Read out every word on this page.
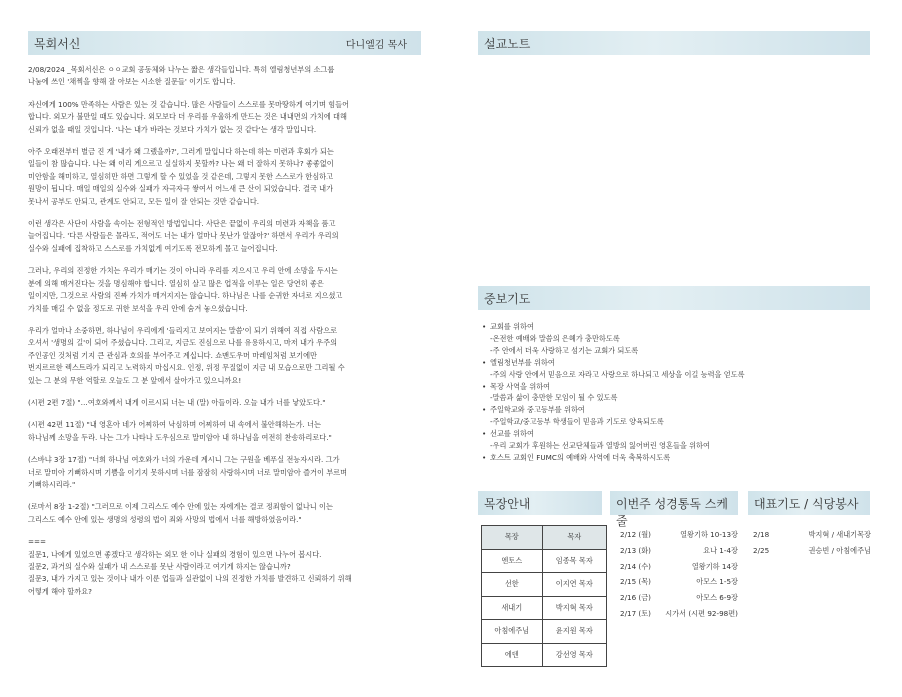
목회서신	다니엘김 목사

2/08/2024 _목회서신은 ㅇㅇ교회 공동체와 나누는 짧은 생각들입니다. 특히 엘림청년부의 소그룹
나눔에 쓰인 '채찍을 향해 잘 아보는 시소한 질문들' 이기도 합니다.

자신에게 100% 만족하는 사람은 있는 것 같습니다. 많은 사람들이 스스로를 못마땅하게 여기며 힘들어
합니다. 외모가 불만일 때도 있습니다. 외모보다 더 우리를 우울하게 만드는 것은 내내면의 가치에 대해
신뢰가 없을 때일 것입니다. '나는 내가 바라는 것보다 가치가 없는 것 같다'는 생각 말입니다.

아주 오래전부터 별금 진 게 '내가 왜 그랬을까?', 그러게 말입니다 하는데 하는 미련과 후회가 되는
일들이 참 많습니다. 나는 왜 이리 게으르고 실실하지 못할까? 나는 왜 더 잘하지 못하나? 좋좋없이
미안함을 해미하고, 열심히만 하면 그렇게 할 수 있었을 것 같은데, 그렇지 못한 스스로가 한심하고
원망이 됩니다. 매일 매일의 실수와 실패가 자극자극 쌓여서 어느새 큰 산이 되었습니다. 결국 내가
못나서 공부도 안되고, 관계도 안되고, 모든 일이 잘 안되는 것만 같습니다.

이런 생각은 사단이 사람을 속이는 전형적인 방법입니다. 사단은 끝없이 우리의 미련과 자책을 품고
늘어집니다. '다른 사람들은 몰라도, 적어도 너는 내가 얼마나 못난가 알잖아?' 하면서 우리가 우리의
실수와 실패에 집착하고 스스로를 가치없게 여기도록 전모하게 몰고 늘어집니다.

그러나, 우리의 진정한 가치는 우리가 매기는 것이 아니라 우리를 지으시고 우리 안에 소망을 두시는
분에 의해 매겨진다는 것을 명심해야 합니다. 열심히 살고 많은 업적을 이루는 일은 당연히 좋은
일이지만, 그것으로 사람의 진짜 가치가 매겨지지는 않습니다. 하나님은 나를 순귀한 자녀로 지으셨고
가치를 매길 수 없을 정도로 귀한 보석을 우리 안에 숨겨 놓으셨습니다.

우리가 얼마나 소중하면, 하나님이 우리에게 '들리지고 보여지는 말씀'이 되기 위해여 직접 사람으로
오셔서 '생명의 길'이 되어 주셨습니다. 그리고, 지금도 진심으로 나를 유용하시고, 마저 내가 우주의
주인공인 것처럼 기지 큰 관심과 호의를 부어주고 계십니다. 쇼맨도우머 마레임처럼 보기에만
번지르르한 렉스트라가 되리고 노력하지 마십시요. 인정, 위정 무질없이 지금 내 모습으로만 그리될 수
있는 그 분의 무한 역할로 오늘도 그 분 앞에서 살아가고 있으니까요!

(시편 2편 7절) "…여호와께서 내게 이르시되 너는 내 (말) 아들이라. 오늘 내가 너를 낳았도다."

(시편 42편 11절) "내 영혼아 네가 어찌하여 낙심하며 어찌하여 내 속에서 불안해하는가. 너는
하나님께 소망을 두라. 나는 그가 나타나 도우심으로 말미암아 내 하나님을 여전히 찬송하리로다."

(스바냐 3장 17절) "너희 하나님 여호와가 너의 가운데 계시니 그는 구원을 베푸실 전능자시라. 그가
너로 말미아 기뻐하시며 기쁨을 이기지 못하시며 너를 잠잠히 사랑하시며 너로 말미암아 즐거이 부르며
기뻐하시리라."

(로마서 8장 1-2절) "그러므로 이제 그리스도 예수 안에 있는 자에게는 결코 정죄함이 없나니 이는
그리스도 예수 안에 있는 생명의 성령의 법이 죄와 사망의 법에서 너를 해방하였음이라."

===

질문1, 나에게 있었으면 좋겠다고 생각하는 외모 한 이나 실패의 경험이 있으면 나누어 봅시다.

질문2, 과거의 실수와 실패가 내 스스로를 못난 사람이라고 여기게 하지는 않습니까?

질문3, 내가 가지고 있는 것이나 내가 이룬 업들과 실관없이 나의 진정한 가치를 발견하고 신뢰하기 위해
어떻게 해야 할까요?

설교노트
중보기도
• 교회를 위하여
-온전한 예배와 말씀의 은혜가 충만하도록
-주 안에서 더욱 사랑하고 섬기는 교회가 되도록
• 엘림청년부를 위하여
-주의 사랑 안에서 믿음으로 자라고 사랑으로 하나되고 세상을 이길 능력을 얻도록
• 목장 사역을 위하여
-말씀과 삶이 충만한 모임이 될 수 있도록
• 주일학교와 중고등부를 위하여
-주일학교/중고등부 학생들이 믿음과 기도로 양육되도록
• 선교를 위하여
-우리 교회가 후원하는 선교단체들과 열방의 잃어버린 영혼들을 위하여
• 호스트 교회인 FUMC의 예배와 사역에 더욱 축복하시도록
목장안내
목장	목자
엔토스	임종목 목자
선한	이지연 목자
새내기	박지혁 목자
아침에주님	윤지원 목자
에덴	강선영 목자
이번주 성경통독 스케줄
2/12 (월)	열왕기하 10-13장
2/13 (화)	요나 1-4장
2/14 (수)	열왕기하 14장
2/15 (목)	아모스 1-5장
2/16 (금)	아모스 6-9장
2/17 (토) 시가서 (시편 92-98편)
대표기도 / 식당봉사
2/18	박지혁 / 새내기목장
2/25	권승빈 / 아침에주님
